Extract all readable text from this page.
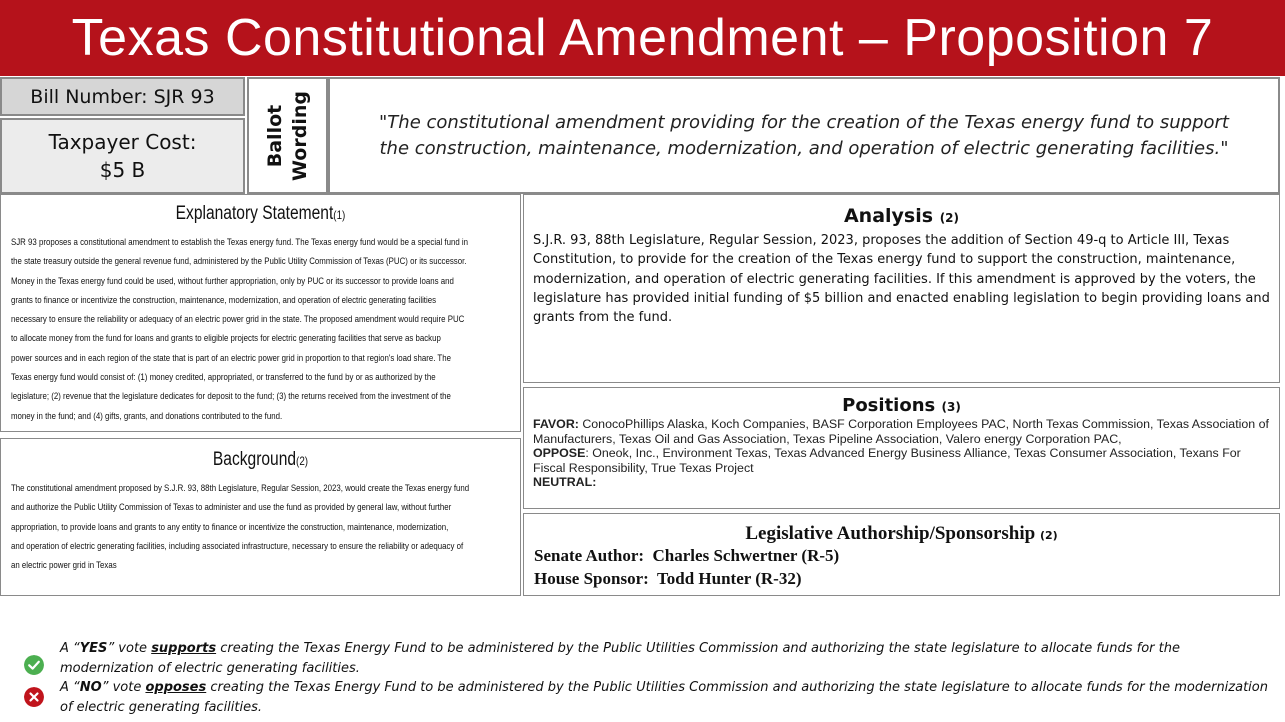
Texas Constitutional Amendment – Proposition 7
Bill Number: SJR 93
Taxpayer Cost:
$5 B
Ballot Wording	"The constitutional amendment providing for the creation of the Texas energy fund to support the construction, maintenance, modernization, and operation of electric generating facilities."

Explanatory Statement(1)
SJR 93 proposes a constitutional amendment to establish the Texas energy fund. The Texas energy fund would be a special fund in
the state treasury outside the general revenue fund, administered by the Public Utility Commission of Texas (PUC) or its successor.
Money in the Texas energy fund could be used, without further appropriation, only by PUC or its successor to provide loans and
grants to finance or incentivize the construction, maintenance, modernization, and operation of electric generating facilities
necessary to ensure the reliability or adequacy of an electric power grid in the state. The proposed amendment would require PUC
to allocate money from the fund for loans and grants to eligible projects for electric generating facilities that serve as backup
power sources and in each region of the state that is part of an electric power grid in proportion to that region's load share. The
Texas energy fund would consist of: (1) money credited, appropriated, or transferred to the fund by or as authorized by the
legislature; (2) revenue that the legislature dedicates for deposit to the fund; (3) the returns received from the investment of the
money in the fund; and (4) gifts, grants, and donations contributed to the fund.
Background(2)
The constitutional amendment proposed by S.J.R. 93, 88th Legislature, Regular Session, 2023, would create the Texas energy fund
and authorize the Public Utility Commission of Texas to administer and use the fund as provided by general law, without further
appropriation, to provide loans and grants to any entity to finance or incentivize the construction, maintenance, modernization,
and operation of electric generating facilities, including associated infrastructure, necessary to ensure the reliability or adequacy of
an electric power grid in Texas
Analysis (2)

S.J.R. 93, 88th Legislature, Regular Session, 2023, proposes the addition of Section 49-q to Article III, Texas Constitution, to provide for the creation of the Texas energy fund to support the construction, maintenance, modernization, and operation of electric generating facilities. If this amendment is approved by the voters, the legislature has provided initial funding of $5 billion and enacted enabling legislation to begin providing loans and grants from the fund.

Positions (3)
FAVOR: ConocoPhillips Alaska, Koch Companies, BASF Corporation Employees PAC, North Texas Commission, Texas Association of Manufacturers, Texas Oil and Gas Association, Texas Pipeline Association, Valero energy Corporation PAC,
OPPOSE: Oneok, Inc., Environment Texas, Texas Advanced Energy Business Alliance, Texas Consumer Association, Texans For Fiscal Responsibility, True Texas Project
NEUTRAL:
Legislative Authorship/Sponsorship (2)
Senate Author:  Charles Schwertner (R-5)
House Sponsor:  Todd Hunter (R-32)
A “YES” vote supports creating the Texas Energy Fund to be administered by the Public Utilities Commission and authorizing the state legislature to allocate funds for the modernization of electric generating facilities.
A “NO” vote opposes creating the Texas Energy Fund to be administered by the Public Utilities Commission and authorizing the state legislature to allocate funds for the modernization of electric generating facilities.
